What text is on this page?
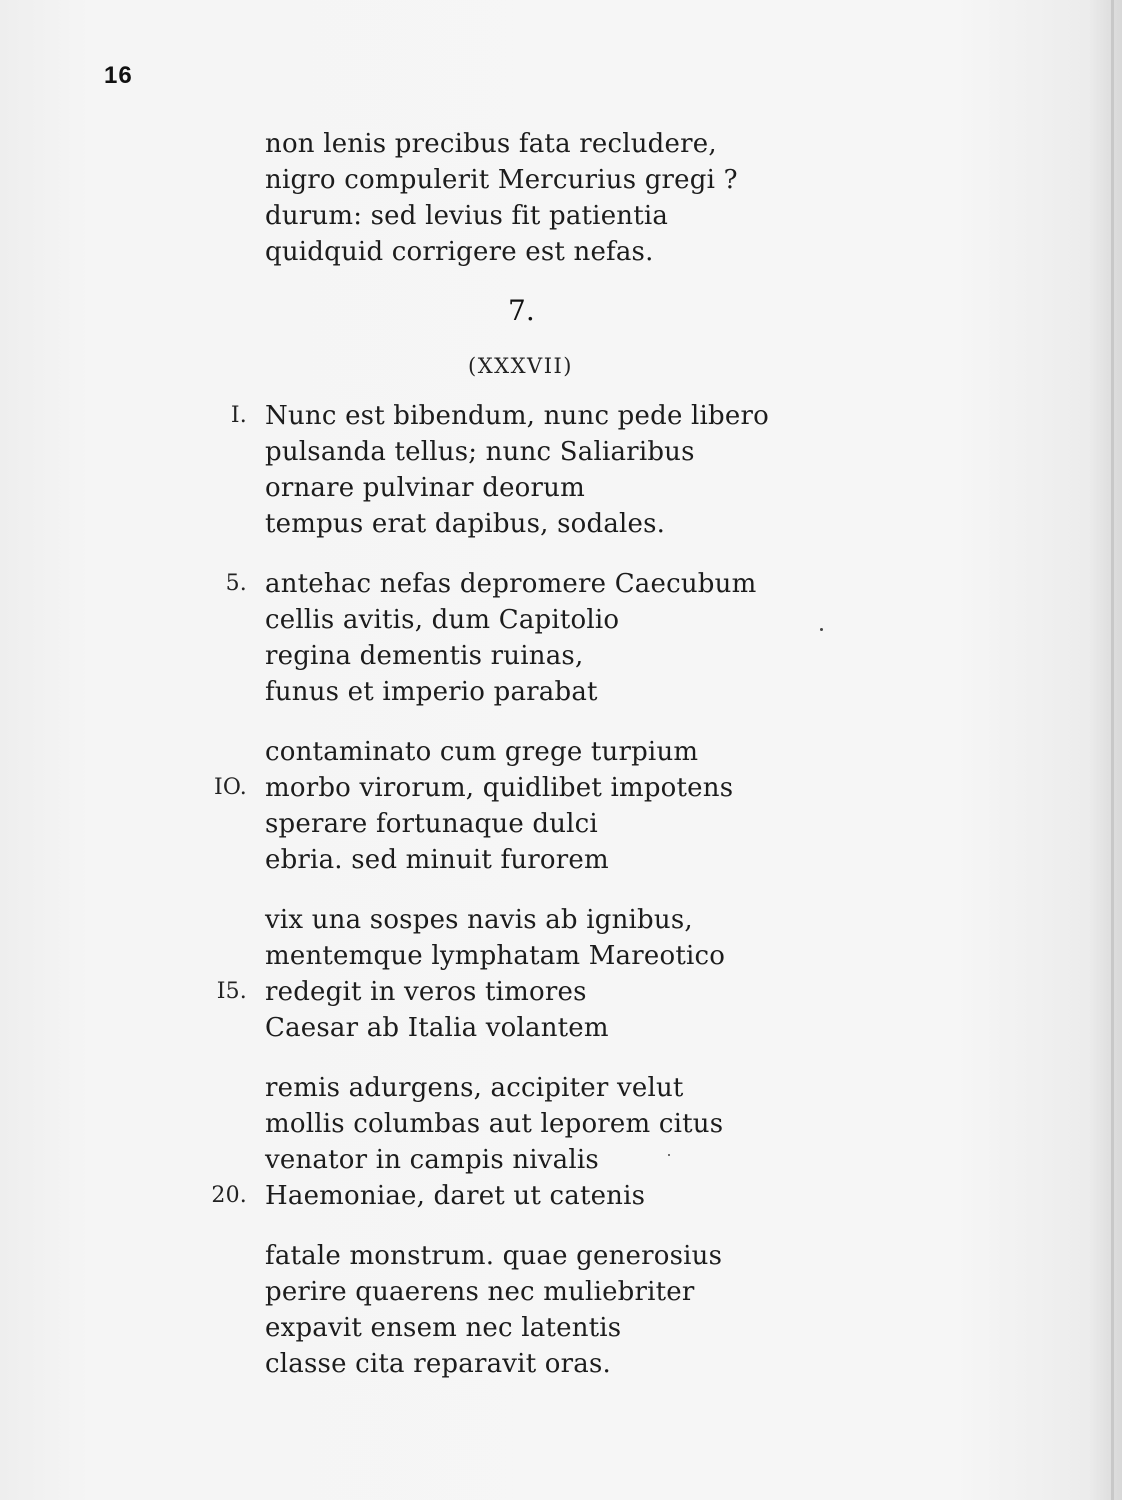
16
non lenis precibus fata recludere,
nigro compulerit Mercurius gregi ?
durum: sed levius fit patientia
quidquid corrigere est nefas.
7.
(XXXVII)
I. Nunc est bibendum, nunc pede libero
pulsanda tellus; nunc Saliaribus
ornare pulvinar deorum
tempus erat dapibus, sodales.
5. antehac nefas depromere Caecubum
cellis avitis, dum Capitolio
regina dementis ruinas,
funus et imperio parabat
contaminato cum grege turpium
IO. morbo virorum, quidlibet impotens
sperare fortunaque dulci
ebria. sed minuit furorem
vix una sospes navis ab ignibus,
mentemque lymphatam Mareotico
I5. redegit in veros timores
Caesar ab Italia volantem
remis adurgens, accipiter velut
mollis columbas aut leporem citus
venator in campis nivalis
20. Haemoniae, daret ut catenis
fatale monstrum. quae generosius
perire quaerens nec muliebriter
expavit ensem nec latentis
classe cita reparavit oras.
